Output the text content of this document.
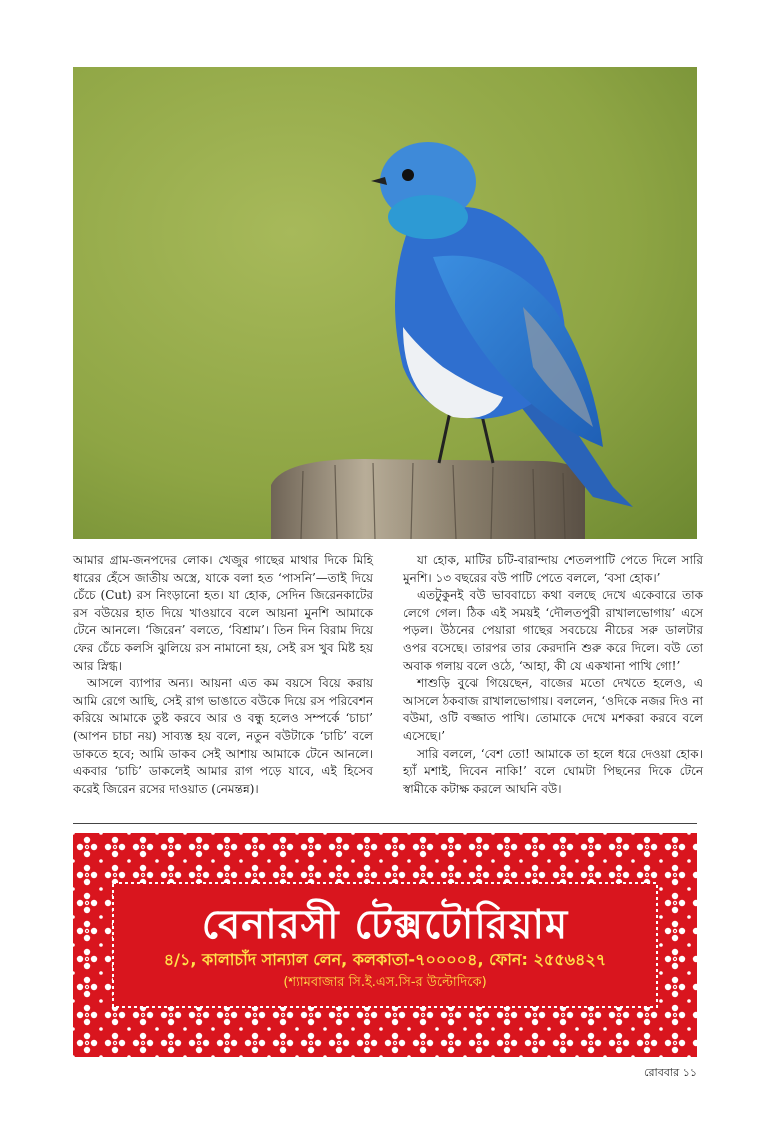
আমার গ্রাম-জনপদের লোক। খেজুর গাছের মাথার দিকে মিহি ধারের হেঁসে জাতীয় অস্ত্রে, যাকে বলা হত ‘পাসনি’—তাই দিয়ে চেঁচে (Cut) রস নিংড়ানো হত। যা হোক, সেদিন জিরেনকাটের রস বউয়ের হাত দিয়ে খাওয়াবে বলে আয়না মুনশি আমাকে টেনে আনলে। ‘জিরেন’ বলতে, ‘বিশ্রাম’। তিন দিন বিরাম দিয়ে ফের চেঁচে কলসি ঝুলিয়ে রস নামানো হয়, সেই রস খুব মিষ্ট হয় আর স্নিগ্ধ।

আসলে ব্যাপার অন্য। আয়না এত কম বয়সে বিয়ে করায় আমি রেগে আছি, সেই রাগ ভাঙাতে বউকে দিয়ে রস পরিবেশন করিয়ে আমাকে তুষ্ট করবে আর ও বন্ধু হলেও সম্পর্কে ‘চাচা’ (আপন চাচা নয়) সাব্যস্ত হয় বলে, নতুন বউটাকে ‘চাচি’ বলে ডাকতে হবে; আমি ডাকব সেই আশায় আমাকে টেনে আনলে। একবার ‘চাচি’ ডাকলেই আমার রাগ পড়ে যাবে, এই হিসেব করেই জিরেন রসের দাওয়াত (নেমন্তন্ন)।

যা হোক, মাটির চটি-বারান্দায় শেতলপাটি পেতে দিলে সারি মুনশি। ১৩ বছরের বউ পাটি পেতে বললে, ‘বসা হোক।’

এতটুকুনই বউ ভাববাচ্যে কথা বলছে দেখে একেবারে তাক লেগে গেল। ঠিক এই সময়ই ‘দৌলতপুরী রাখালভোগায়’ এসে পড়ল। উঠনের পেয়ারা গাছের সবচেয়ে নীচের সরু ডালটার ওপর বসেছে। তারপর তার কেরদানি শুরু করে দিলে। বউ তো অবাক গলায় বলে ওঠে, ‘আহা, কী যে একখানা পাখি গো!’

শাশুড়ি বুঝে গিয়েছেন, বাজের মতো দেখতে হলেও, এ আসলে ঠকবাজ রাখালভোগায়। বললেন, ‘ওদিকে নজর দিও না বউমা, ওটি বজ্জাত পাখি। তোমাকে দেখে মশকরা করবে বলে এসেছে।’

সারি বললে, ‘বেশ তো! আমাকে তা হলে ধরে দেওয়া হোক। হ্যাঁ মশাই, দিবেন নাকি!’ বলে ঘোমটা পিছনের দিকে টেনে স্বামীকে কটাক্ষ করলে আঘনি বউ।

বেনারসী টেক্সটোরিয়াম
৪/১, কালাচাঁদ সান্যাল লেন, কলকাতা-৭০০০০৪, ফোন: ২৫৫৬৪২৭
(শ্যামবাজার সি.ই.এস.সি-র উল্টোদিকে)
রোববার ১১
